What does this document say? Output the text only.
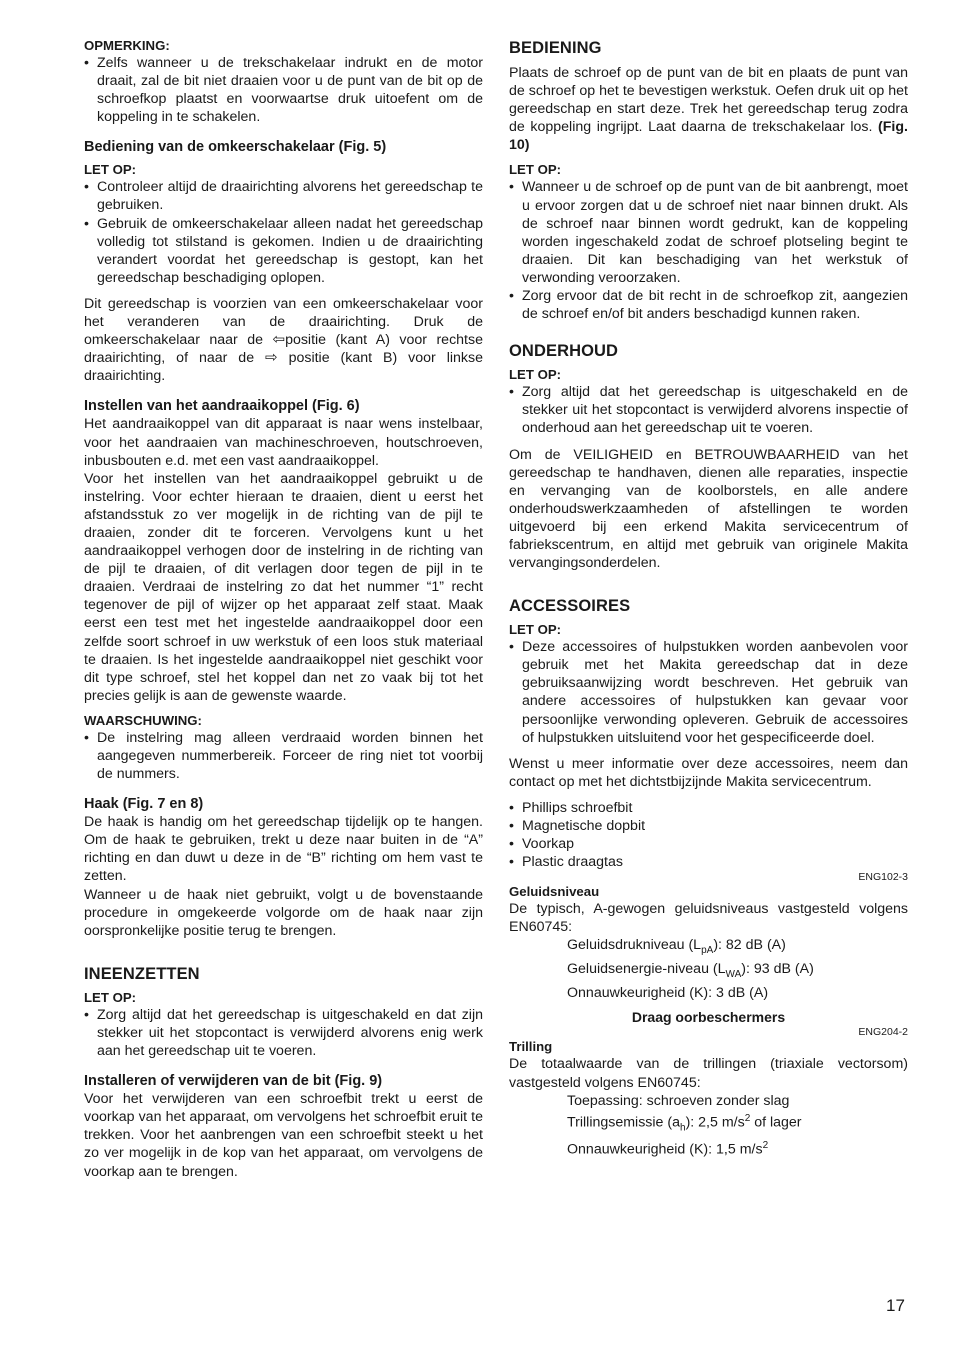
OPMERKING:

• Zelfs wanneer u de trekschakelaar indrukt en de motor draait, zal de bit niet draaien voor u de punt van de bit op de schroefkop plaatst en voorwaartse druk uitoefent om de koppeling in te schakelen.

Bediening van de omkeerschakelaar (Fig. 5)

LET OP:

• Controleer altijd de draairichting alvorens het gereedschap te gebruiken.
• Gebruik de omkeerschakelaar alleen nadat het gereedschap volledig tot stilstand is gekomen. Indien u de draairichting verandert voordat het gereedschap is gestopt, kan het gereedschap beschadiging oplopen.

Dit gereedschap is voorzien van een omkeerschakelaar voor het veranderen van de draairichting. Druk de omkeerschakelaar naar de ⇦positie (kant A) voor rechtse draairichting, of naar de ⇨ positie (kant B) voor linkse draairichting.

Instellen van het aandraaikoppel (Fig. 6)

Het aandraaikoppel van dit apparaat is naar wens instelbaar, voor het aandraaien van machineschroeven, houtschroeven, inbusbouten e.d. met een vast aandraaikoppel.

Voor het instellen van het aandraaikoppel gebruikt u de instelring. Voor echter hieraan te draaien, dient u eerst het afstandsstuk zo ver mogelijk in de richting van de pijl te draaien, zonder dit te forceren. Vervolgens kunt u het aandraaikoppel verhogen door de instelring in de richting van de pijl te draaien, of dit verlagen door tegen de pijl in te draaien. Verdraai de instelring zo dat het nummer “1” recht tegenover de pijl of wijzer op het apparaat zelf staat. Maak eerst een test met het ingestelde aandraaikoppel door een zelfde soort schroef in uw werkstuk of een loos stuk materiaal te draaien. Is het ingestelde aandraaikoppel niet geschikt voor dit type schroef, stel het koppel dan net zo vaak bij tot het precies gelijk is aan de gewenste waarde.

WAARSCHUWING:

• De instelring mag alleen verdraaid worden binnen het aangegeven nummerbereik. Forceer de ring niet tot voorbij de nummers.

Haak (Fig. 7 en 8)

De haak is handig om het gereedschap tijdelijk op te hangen. Om de haak te gebruiken, trekt u deze naar buiten in de “A” richting en dan duwt u deze in de “B” richting om hem vast te zetten.

Wanneer u de haak niet gebruikt, volgt u de bovenstaande procedure in omgekeerde volgorde om de haak naar zijn oorspronkelijke positie terug te brengen.

INEENZETTEN

LET OP:

• Zorg altijd dat het gereedschap is uitgeschakeld en dat zijn stekker uit het stopcontact is verwijderd alvorens enig werk aan het gereedschap uit te voeren.

Installeren of verwijderen van de bit (Fig. 9)

Voor het verwijderen van een schroefbit trekt u eerst de voorkap van het apparaat, om vervolgens het schroefbit eruit te trekken. Voor het aanbrengen van een schroefbit steekt u het zo ver mogelijk in de kop van het apparaat, om vervolgens de voorkap aan te brengen.

BEDIENING

Plaats de schroef op de punt van de bit en plaats de punt van de schroef op het te bevestigen werkstuk. Oefen druk uit op het gereedschap en start deze. Trek het gereedschap terug zodra de koppeling ingrijpt. Laat daarna de trekschakelaar los. (Fig. 10)

LET OP:

• Wanneer u de schroef op de punt van de bit aanbrengt, moet u ervoor zorgen dat u de schroef niet naar binnen drukt. Als de schroef naar binnen wordt gedrukt, kan de koppeling worden ingeschakeld zodat de schroef plotseling begint te draaien. Dit kan beschadiging van het werkstuk of verwonding veroorzaken.
• Zorg ervoor dat de bit recht in de schroefkop zit, aangezien de schroef en/of bit anders beschadigd kunnen raken.

ONDERHOUD

LET OP:

• Zorg altijd dat het gereedschap is uitgeschakeld en de stekker uit het stopcontact is verwijderd alvorens inspectie of onderhoud aan het gereedschap uit te voeren.

Om de VEILIGHEID en BETROUWBAARHEID van het gereedschap te handhaven, dienen alle reparaties, inspectie en vervanging van de koolborstels, en alle andere onderhoudswerkzaamheden of afstellingen te worden uitgevoerd bij een erkend Makita servicecentrum of fabriekscentrum, en altijd met gebruik van originele Makita vervangingsonderdelen.

ACCESSOIRES

LET OP:

• Deze accessoires of hulpstukken worden aanbevolen voor gebruik met het Makita gereedschap dat in deze gebruiksaanwijzing wordt beschreven. Het gebruik van andere accessoires of hulpstukken kan gevaar voor persoonlijke verwonding opleveren. Gebruik de accessoires of hulpstukken uitsluitend voor het gespecificeerde doel.

Wenst u meer informatie over deze accessoires, neem dan contact op met het dichtstbijzijnde Makita servicecentrum.

• Phillips schroefbit
• Magnetische dopbit
• Voorkap
• Plastic draagtas

ENG102-3

Geluidsniveau

De typisch, A-gewogen geluidsniveaus vastgesteld volgens EN60745:

Geluidsdrukniveau $(L_{pA})$: 82 dB (A)
Geluidsenergie-niveau $(L_{WA})$: 93 dB (A)
Onnauwkeurigheid (K): 3 dB (A)

Draag oorbeschermers

ENG204-2

Trilling

De totaalwaarde van de trillingen (triaxiale vectorsom) vastgesteld volgens EN60745:

Toepassing: schroeven zonder slag
Trillingsemissie $(a_h)$: 2,5 $m/s^2$ of lager
Onnauwkeurigheid (K): 1,5 $m/s^2$
17
